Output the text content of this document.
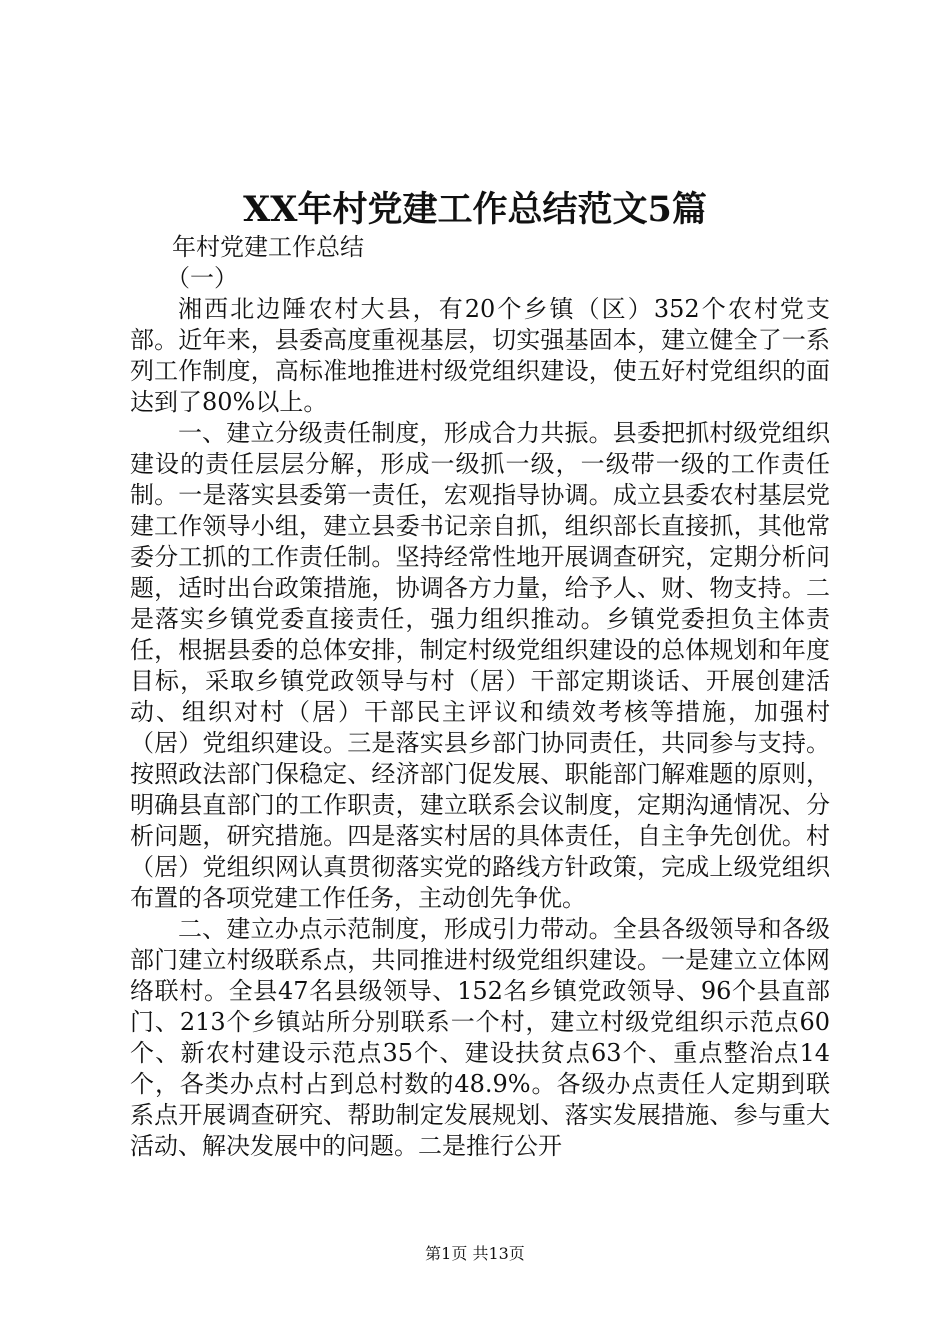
XX年村党建工作总结范文5篇

年村党建工作总结

（一）

湘西北边陲农村大县，有20个乡镇（区）352个农村党支部。近年来，县委高度重视基层，切实强基固本，建立健全了一系列工作制度，高标准地推进村级党组织建设，使五好村党组织的面达到了80%以上。

一、建立分级责任制度，形成合力共振。县委把抓村级党组织建设的责任层层分解，形成一级抓一级，一级带一级的工作责任制。一是落实县委第一责任，宏观指导协调。成立县委农村基层党建工作领导小组，建立县委书记亲自抓，组织部长直接抓，其他常委分工抓的工作责任制。坚持经常性地开展调查研究，定期分析问题，适时出台政策措施，协调各方力量，给予人、财、物支持。二是落实乡镇党委直接责任，强力组织推动。乡镇党委担负主体责任，根据县委的总体安排，制定村级党组织建设的总体规划和年度目标，采取乡镇党政领导与村（居）干部定期谈话、开展创建活动、组织对村（居）干部民主评议和绩效考核等措施，加强村（居）党组织建设。三是落实县乡部门协同责任，共同参与支持。按照政法部门保稳定、经济部门促发展、职能部门解难题的原则，明确县直部门的工作职责，建立联系会议制度，定期沟通情况、分析问题，研究措施。四是落实村居的具体责任，自主争先创优。村（居）党组织网认真贯彻落实党的路线方针政策，完成上级党组织布置的各项党建工作任务，主动创先争优。

二、建立办点示范制度，形成引力带动。全县各级领导和各级部门建立村级联系点，共同推进村级党组织建设。一是建立立体网络联村。全县47名县级领导、152名乡镇党政领导、96个县直部门、213个乡镇站所分别联系一个村，建立村级党组织示范点60个、新农村建设示范点35个、建设扶贫点63个、重点整治点14个，各类办点村占到总村数的48.9%。各级办点责任人定期到联系点开展调查研究、帮助制定发展规划、落实发展措施、参与重大活动、解决发展中的问题。二是推行公开

第1页 共13页
